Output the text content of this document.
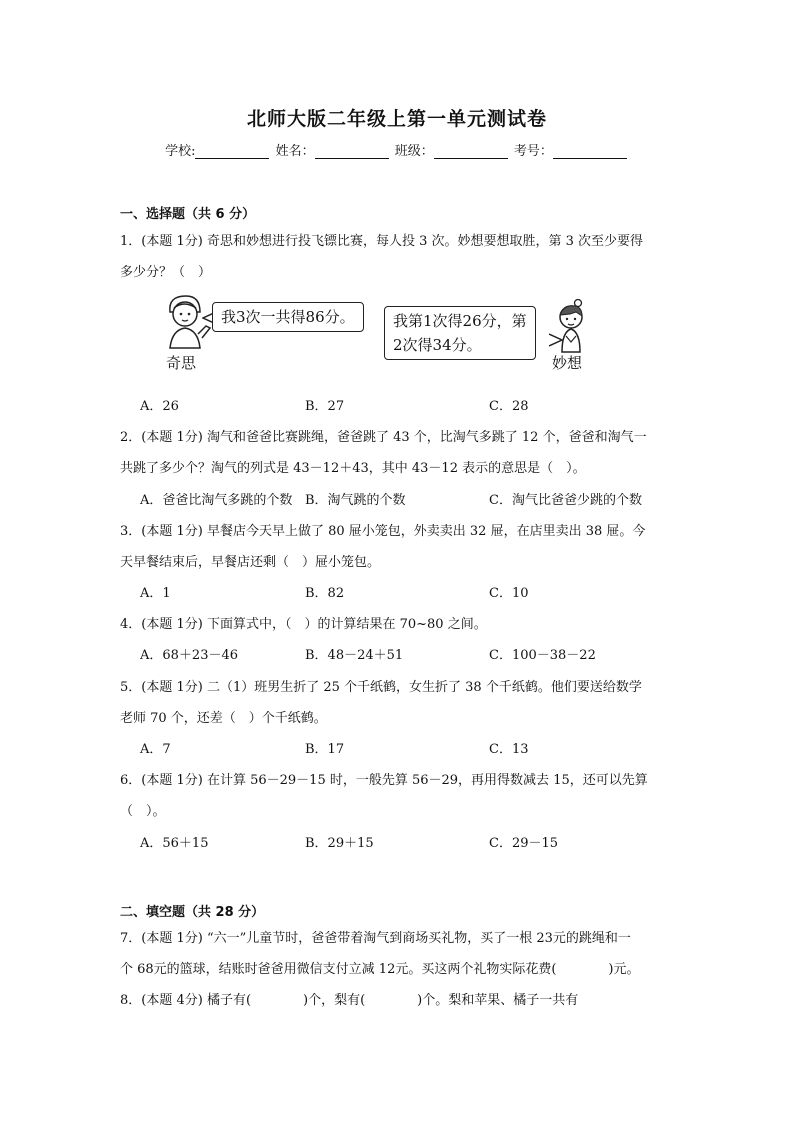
北师大版二年级上第一单元测试卷
学校:	姓名：	班级：	考号：
一、选择题（共 6 分）
1．(本题 1分) 奇思和妙想进行投飞镖比赛，每人投 3 次。妙想要想取胜，第 3 次至少要得
多少分？（　）
奇思
我3次一共得86分。	我第1次得26分，第
2次得34分。
妙想
A．26	B．27	C．28
2．(本题 1分) 淘气和爸爸比赛跳绳，爸爸跳了 43 个，比淘气多跳了 12 个，爸爸和淘气一
共跳了多少个？淘气的列式是 43－12＋43，其中 43－12 表示的意思是（　）。
A．爸爸比淘气多跳的个数 B．淘气跳的个数	C．淘气比爸爸少跳的个数
3．(本题 1分) 早餐店今天早上做了 80 屉小笼包，外卖卖出 32 屉，在店里卖出 38 屉。今
天早餐结束后，早餐店还剩（　）屉小笼包。
A．1	B．82	C．10
4．(本题 1分) 下面算式中，（　）的计算结果在 70~80 之间。
A．68＋23－46	B．48－24＋51	C．100－38－22
5．(本题 1分) 二（1）班男生折了 25 个千纸鹤，女生折了 38 个千纸鹤。他们要送给数学
老师 70 个，还差（　）个千纸鹤。
A．7	B．17	C．13
6．(本题 1分) 在计算 56－29－15 时，一般先算 56－29，再用得数减去 15，还可以先算
（　）。
A．56＋15	B．29＋15	C．29－15
二、填空题（共 28 分）
7．(本题 1分) “六一”儿童节时，爸爸带着淘气到商场买礼物，买了一根 23元的跳绳和一
个 68元的篮球，结账时爸爸用微信支付立减 12元。买这两个礼物实际花费(　　　　)元。
8．(本题 4分) 橘子有(　　　　)个，梨有(　　　　)个。梨和苹果、橘子一共有
